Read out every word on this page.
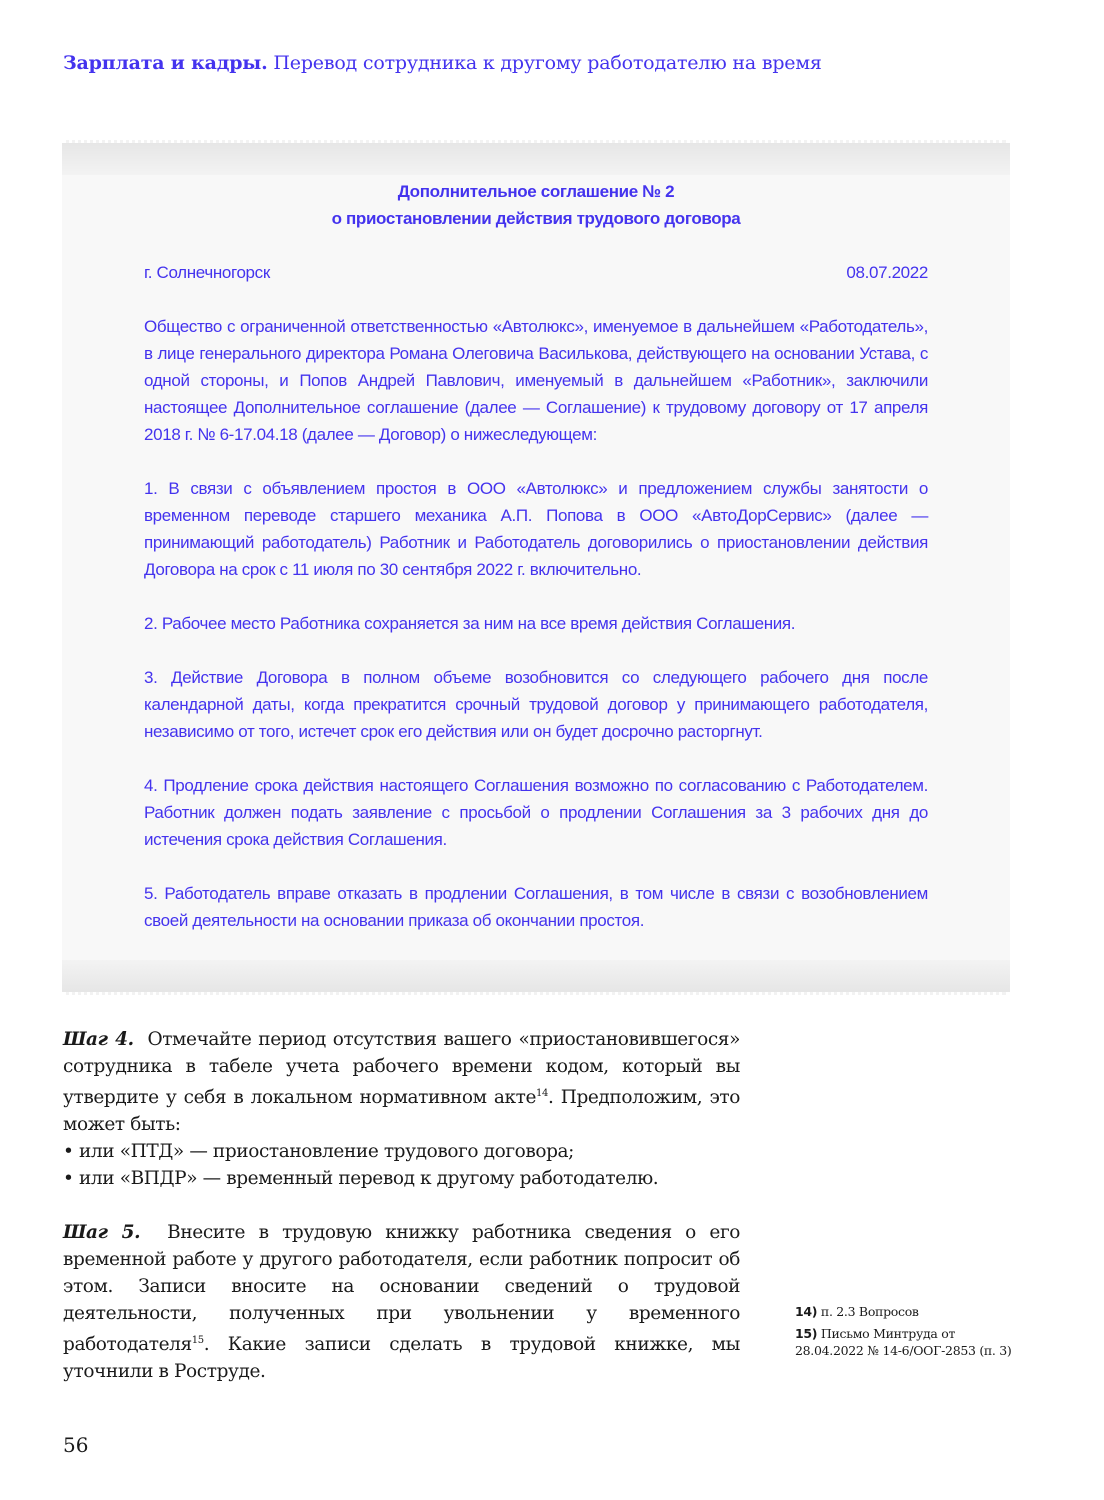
Зарплата и кадры. Перевод сотрудника к другому работодателю на время
Дополнительное соглашение № 2
о приостановлении действия трудового договора
г. Солнечногорск	08.07.2022

Общество с ограниченной ответственностью «Автолюкс», именуемое в дальнейшем «Работодатель», в лице генерального директора Романа Олеговича Василькова, действующего на основании Устава, с одной стороны, и Попов Андрей Павлович, именуемый в дальнейшем «Работник», заключили настоящее Дополнительное соглашение (далее — Соглашение) к трудовому договору от 17 апреля 2018 г. № 6-17.04.18 (далее — Договор) о нижеследующем:

1. В связи с объявлением простоя в ООО «Автолюкс» и предложением службы занятости о временном переводе старшего механика А.П. Попова в ООО «АвтоДорСервис» (далее — принимающий работодатель) Работник и Работодатель договорились о приостановлении действия Договора на срок с 11 июля по 30 сентября 2022 г. включительно.

2. Рабочее место Работника сохраняется за ним на все время действия Соглашения.

3. Действие Договора в полном объеме возобновится со следующего рабочего дня после календарной даты, когда прекратится срочный трудовой договор у принимающего работодателя, независимо от того, истечет срок его действия или он будет досрочно расторгнут.

4. Продление срока действия настоящего Соглашения возможно по согласованию с Работодателем. Работник должен подать заявление с просьбой о продлении Соглашения за 3 рабочих дня до истечения срока действия Соглашения.

5. Работодатель вправе отказать в продлении Соглашения, в том числе в связи с возобновлением своей деятельности на основании приказа об окончании простоя.

Шаг 4. Отмечайте период отсутствия вашего «приостановившегося» сотрудника в табеле учета рабочего времени кодом, который вы утвердите у себя в локальном нормативном акте$^{14}$. Предположим, это может быть:

• или «ПТД» — приостановление трудового договора;
• или «ВПДР» — временный перевод к другому работодателю.

Шаг 5. Внесите в трудовую книжку работника сведения о его временной работе у другого работодателя, если работник попросит об этом. Записи вносите на основании сведений о трудовой деятельности, полученных при увольнении у временного работодателя$^{15}$. Какие записи сделать в трудовой книжке, мы уточнили в Роструде.

14) п. 2.3 Вопросов
15) Письмо Минтруда от 28.04.2022 № 14-6/ООГ-2853 (п. 3)
56
